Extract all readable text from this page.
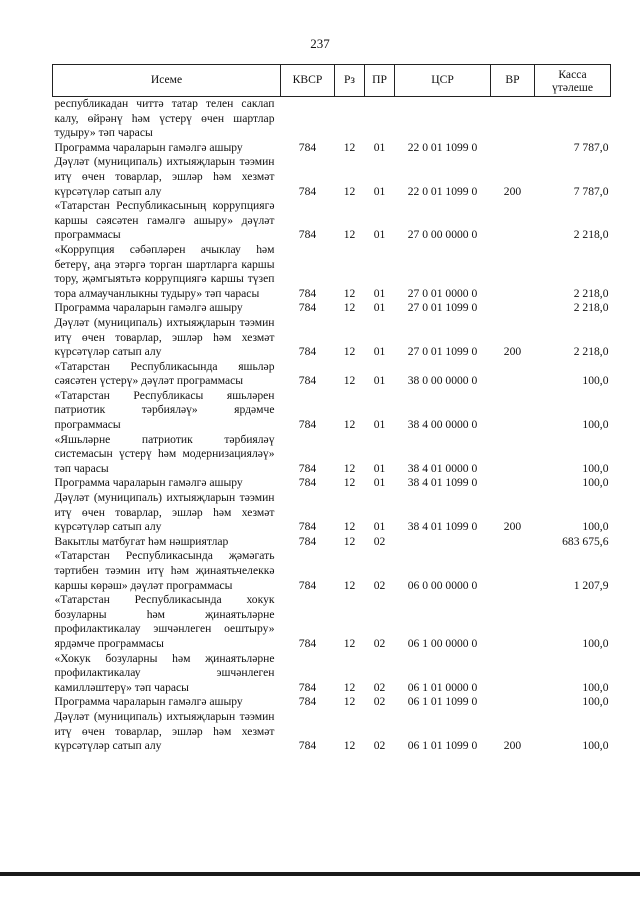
237
Исеме	КВСР	Рз	ПР	ЦСР	ВР	Касса
үтәлеше
республикадан читтә татар телен саклап калу, өйрәнү һәм үстерү өчен шартлар тудыру» тәп чарасы						
Программа чараларын гамәлгә ашыру	784	12	01	22 0 01 1099 0		7 787,0
Дәүләт (муниципаль) ихтыяҗларын тәэмин итү өчен товарлар, эшләр һәм хезмәт күрсәтүләр сатып алу	784	12	01	22 0 01 1099 0	200	7 787,0
«Татарстан Республикасының коррупциягә каршы сәясәтен гамәлгә ашыру» дәүләт программасы	784	12	01	27 0 00 0000 0		2 218,0
«Коррупция сәбәпләрен ачыклау һәм бетерү, аңа этәргә торган шартларга каршы тору, җәмгыятьтә коррупциягә каршы түзеп тора алмаучанлыкны тудыру» тәп чарасы	784	12	01	27 0 01 0000 0		2 218,0
Программа чараларын гамәлгә ашыру	784	12	01	27 0 01 1099 0		2 218,0
Дәүләт (муниципаль) ихтыяҗларын тәэмин итү өчен товарлар, эшләр һәм хезмәт күрсәтүләр сатып алу	784	12	01	27 0 01 1099 0	200	2 218,0
«Татарстан Республикасында яшьләр сәясәтен үстерү» дәүләт программасы	784	12	01	38 0 00 0000 0		100,0
«Татарстан Республикасы яшьләрен патриотик тәрбияләү» ярдәмче программасы	784	12	01	38 4 00 0000 0		100,0
«Яшьләрне патриотик тәрбияләү системасын үстерү һәм модернизацияләү» тәп чарасы	784	12	01	38 4 01 0000 0		100,0
Программа чараларын гамәлгә ашыру	784	12	01	38 4 01 1099 0		100,0
Дәүләт (муниципаль) ихтыяҗларын тәэмин итү өчен товарлар, эшләр һәм хезмәт күрсәтүләр сатып алу	784	12	01	38 4 01 1099 0	200	100,0
Вакытлы матбугат һәм нәшриятлар	784	12	02			683 675,6
«Татарстан Республикасында җәмәгать тәртибен тәэмин итү һәм җинаятьчелеккә каршы көрәш» дәүләт программасы	784	12	02	06 0 00 0000 0		1 207,9
«Татарстан Республикасында хокук бозуларны һәм җинаятьләрне профилактикалау эшчәнлеген оештыру» ярдәмче программасы	784	12	02	06 1 00 0000 0		100,0
«Хокук бозуларны һәм җинаятьләрне профилактикалау эшчәнлеген камилләштерү» тәп чарасы	784	12	02	06 1 01 0000 0		100,0
Программа чараларын гамәлгә ашыру	784	12	02	06 1 01 1099 0		100,0
Дәүләт (муниципаль) ихтыяҗларын тәэмин итү өчен товарлар, эшләр һәм хезмәт күрсәтүләр сатып алу	784	12	02	06 1 01 1099 0	200	100,0
